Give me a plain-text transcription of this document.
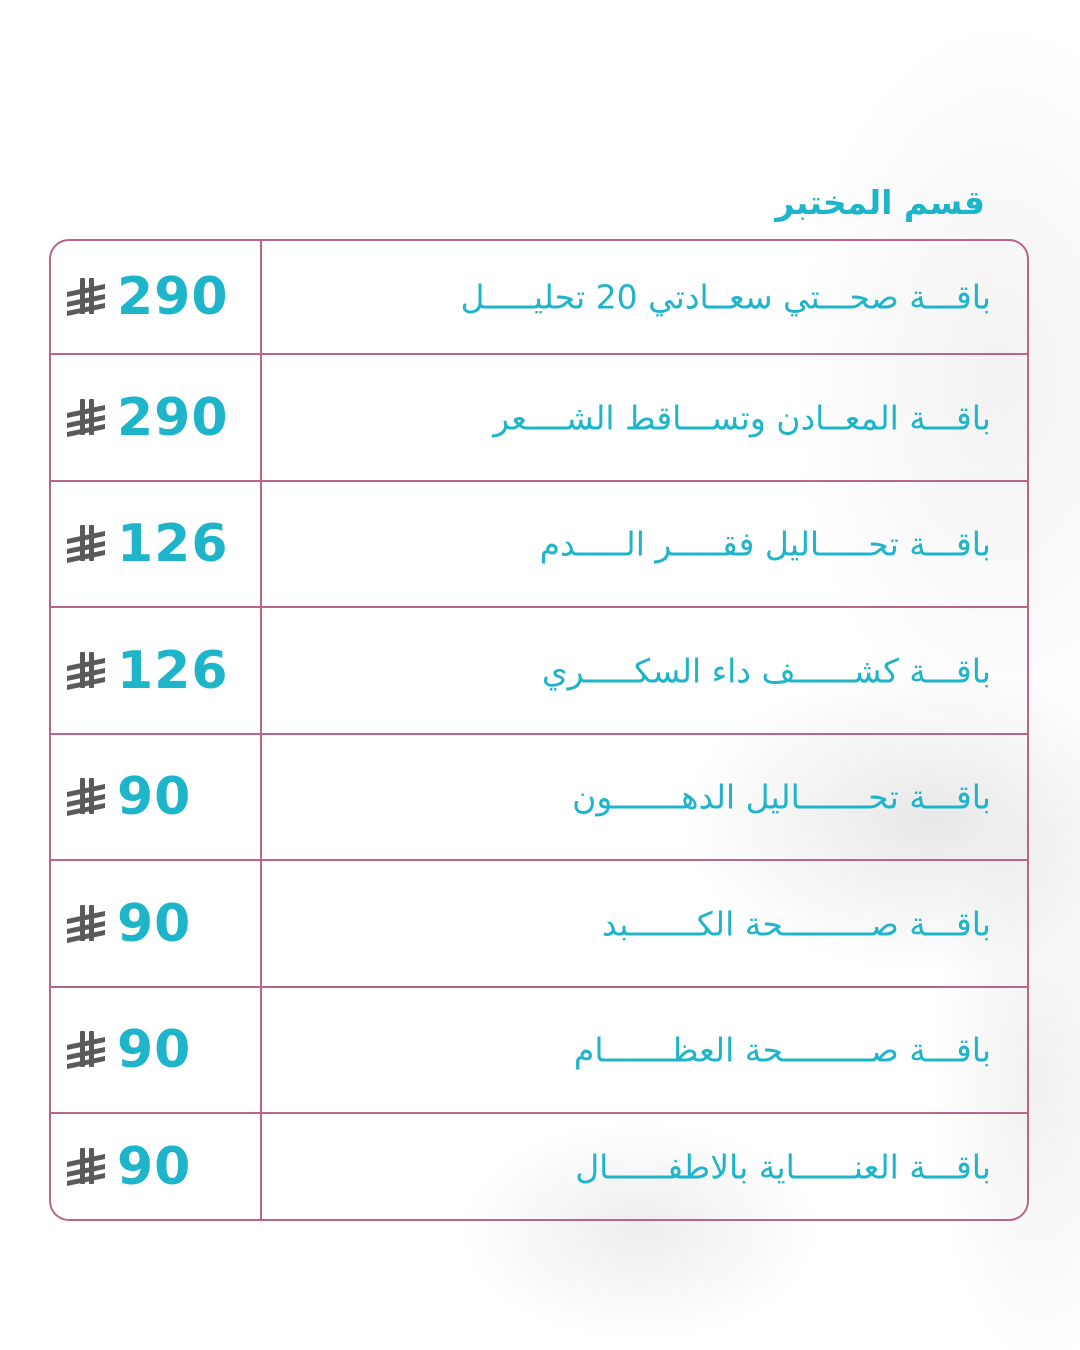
قسم المختبر
باقـــة صحـــتي سعــادتي 20 تحليـــــل
290
باقـــة المعــادن وتســـاقط الشــــعر
290
باقـــة تحـــــاليل فقـــــر الـــــدم
126
باقـــة كشــــــف داء السكـــــري
126
باقـــة تحـــــــاليل الدهـــــــون
90
باقـــة صـــــــــحة الكـــــــبد
90
باقـــة صـــــــــحة العظـــــــام
90
باقـــة العنــــــاية بالاطفــــــال
90
